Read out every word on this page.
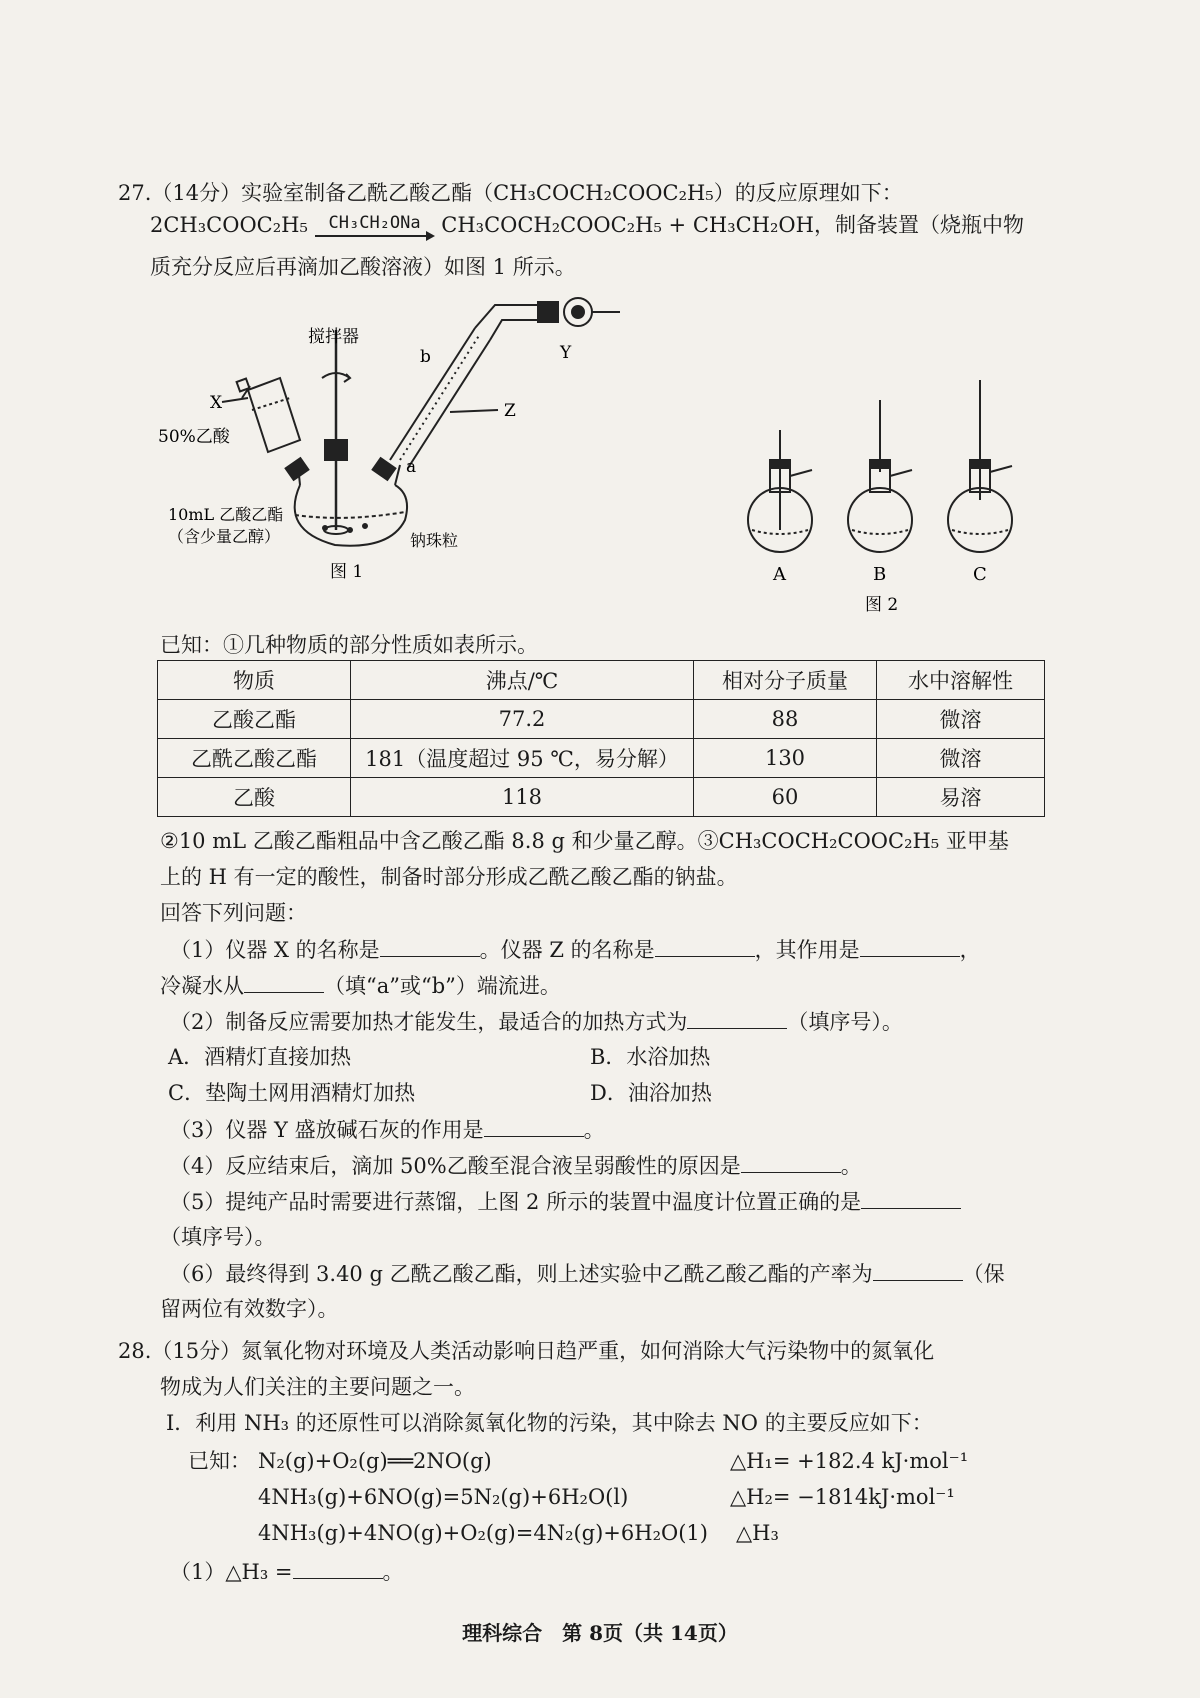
27.（14分）实验室制备乙酰乙酸乙酯（CH₃COCH₂COOC₂H₅）的反应原理如下：
2CH₃COOC₂H₅	CH₃CH₂ONa CH₃COCH₂COOC₂H₅ + CH₃CH₂OH，制备装置（烧瓶中物
质充分反应后再滴加乙酸溶液）如图 1 所示。
搅拌器
X
50%乙酸
b
a
Y
Z
10mL 乙酸乙酯
（含少量乙醇）	钠珠粒
图 1	A	B	C
图 2
已知：①几种物质的部分性质如表所示。
物质	沸点/℃	相对分子质量	水中溶解性
乙酸乙酯	77.2	88	微溶
乙酰乙酸乙酯	181（温度超过 95 ℃，易分解）	130	微溶
乙酸	118	60	易溶
②10 mL 乙酸乙酯粗品中含乙酸乙酯 8.8 g 和少量乙醇。③CH₃COCH₂COOC₂H₅ 亚甲基
上的 H 有一定的酸性，制备时部分形成乙酰乙酸乙酯的钠盐。
回答下列问题：
（1）仪器 X 的名称是	。仪器 Z 的名称是	，其作用是	，
冷凝水从	（填“a”或“b”）端流进。
（2）制备反应需要加热才能发生，最适合的加热方式为	（填序号）。
A．酒精灯直接加热	B．水浴加热
C．垫陶土网用酒精灯加热	D．油浴加热
（3）仪器 Y 盛放碱石灰的作用是	。
（4）反应结束后，滴加 50%乙酸至混合液呈弱酸性的原因是	。
（5）提纯产品时需要进行蒸馏，上图 2 所示的装置中温度计位置正确的是
（填序号）。
（6）最终得到 3.40 g 乙酰乙酸乙酯，则上述实验中乙酰乙酸乙酯的产率为	（保
留两位有效数字）。
28.（15分）氮氧化物对环境及人类活动影响日趋严重，如何消除大气污染物中的氮氧化
物成为人们关注的主要问题之一。
I．利用 NH₃ 的还原性可以消除氮氧化物的污染，其中除去 NO 的主要反应如下：
已知： N₂(g)+O₂(g)══2NO(g)	△H₁= +182.4 kJ·mol⁻¹
4NH₃(g)+6NO(g)=5N₂(g)+6H₂O(l)	△H₂= −1814kJ·mol⁻¹
4NH₃(g)+4NO(g)+O₂(g)=4N₂(g)+6H₂O(1) △H₃
（1）△H₃ =	。
理科综合　第 8页（共 14页）
